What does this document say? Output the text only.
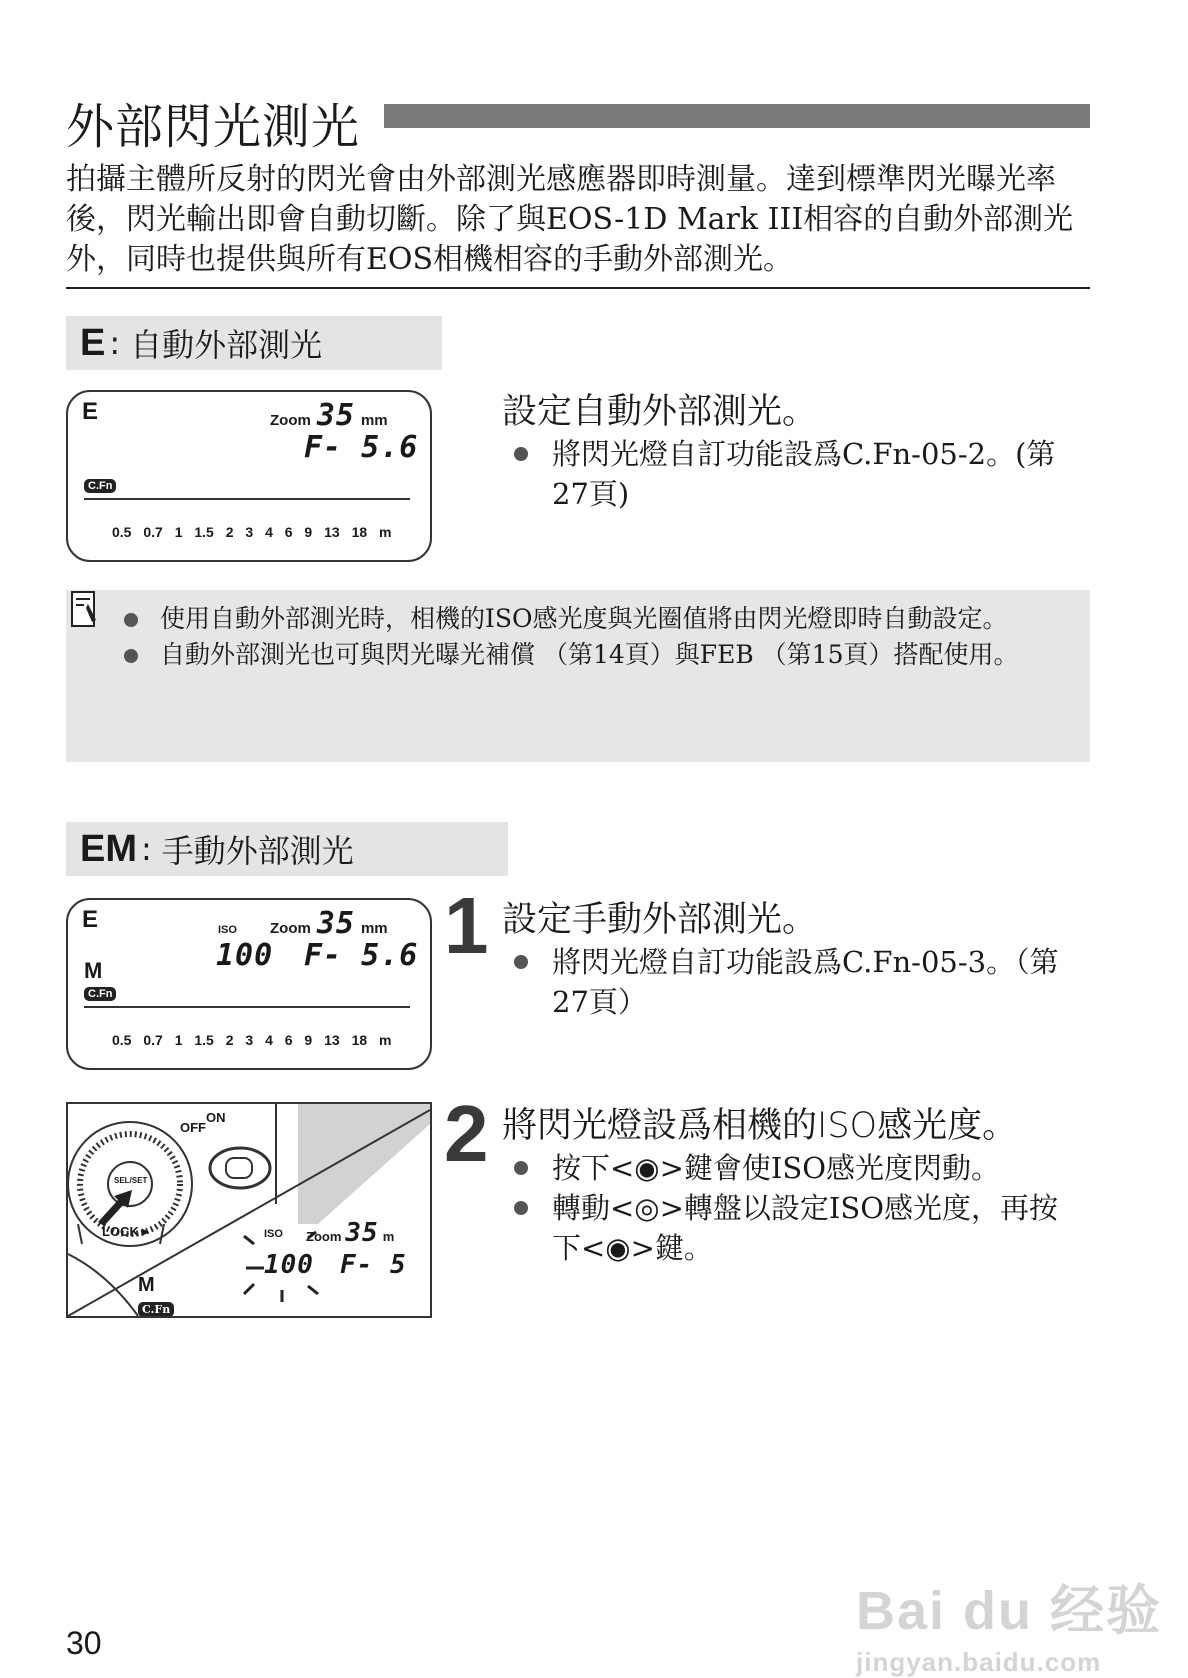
外部閃光測光
拍攝主體所反射的閃光會由外部測光感應器即時測量。達到標準閃光曝光率後，閃光輸出即會自動切斷。除了與EOS-1D Mark III相容的自動外部測光外，同時也提供與所有EOS相機相容的手動外部測光。
E : 自動外部測光
E	Zoom 35 mm
F- 5.6
C.Fn
0.5 0.7 1 1.5 2 3 4 6 9 13 18 m
設定自動外部測光。
將閃光燈自訂功能設爲C.Fn-05-2。(第27頁)
使用自動外部測光時，相機的ISO感光度與光圈值將由閃光燈即時自動設定。
自動外部測光也可與閃光曝光補償 （第14頁）與FEB （第15頁）搭配使用。
EM : 手動外部測光
E	ISO Zoom 35 mm
100 F- 5.6
M
C.Fn
0.5 0.7 1 1.5 2 3 4 6 9 13 18 m
1 設定手動外部測光。
將閃光燈自訂功能設爲C.Fn-05-3。（第27頁）
OFF
ON
SEL/SET
LOCK►	ISO Zoom 35 m
100 F- 5
M
C.Fn
2 將閃光燈設爲相機的ISO感光度。
按下<◉>鍵會使ISO感光度閃動。
轉動<◎>轉盤以設定ISO感光度，再按下<◉>鍵。
Bai du 经验
jingyan.baidu.com
30
